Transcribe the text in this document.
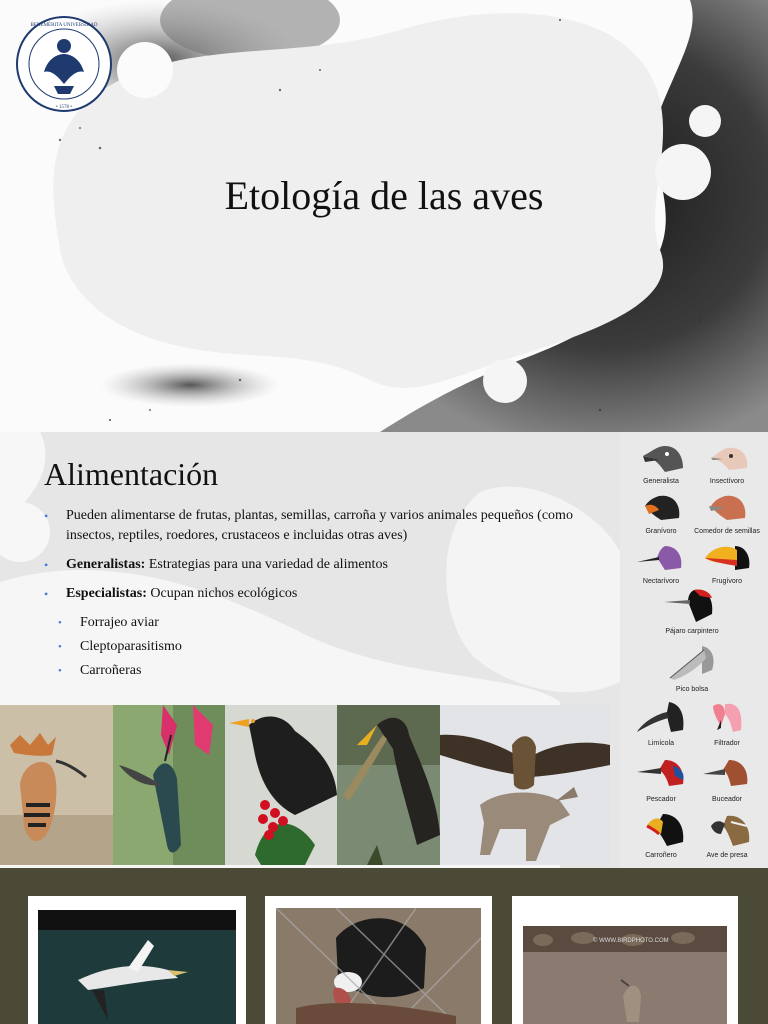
BENEMÉRITA UNIVERSIDAD
• 1578 •
Etología de las aves
Alimentación
• Pueden alimentarse de frutas, plantas, semillas, carroña y varios animales pequeños (como insectos, reptiles, roedores, crustaceos e incluidas otras aves)
• Generalistas: Estrategias para una variedad de alimentos
• Especialistas: Ocupan nichos ecológicos
• Forrajeo aviar
• Cleptoparasitismo
• Carroñeras
Generalista	Insectívoro
Granívoro	Comedor de semillas
Nectarívoro	Frugívoro
Pájaro carpintero
Pico bolsa
Limícola	Filtrador
Pescador	Buceador
Carroñero	Ave de presa
© WWW.BIRDPHOTO.COM
